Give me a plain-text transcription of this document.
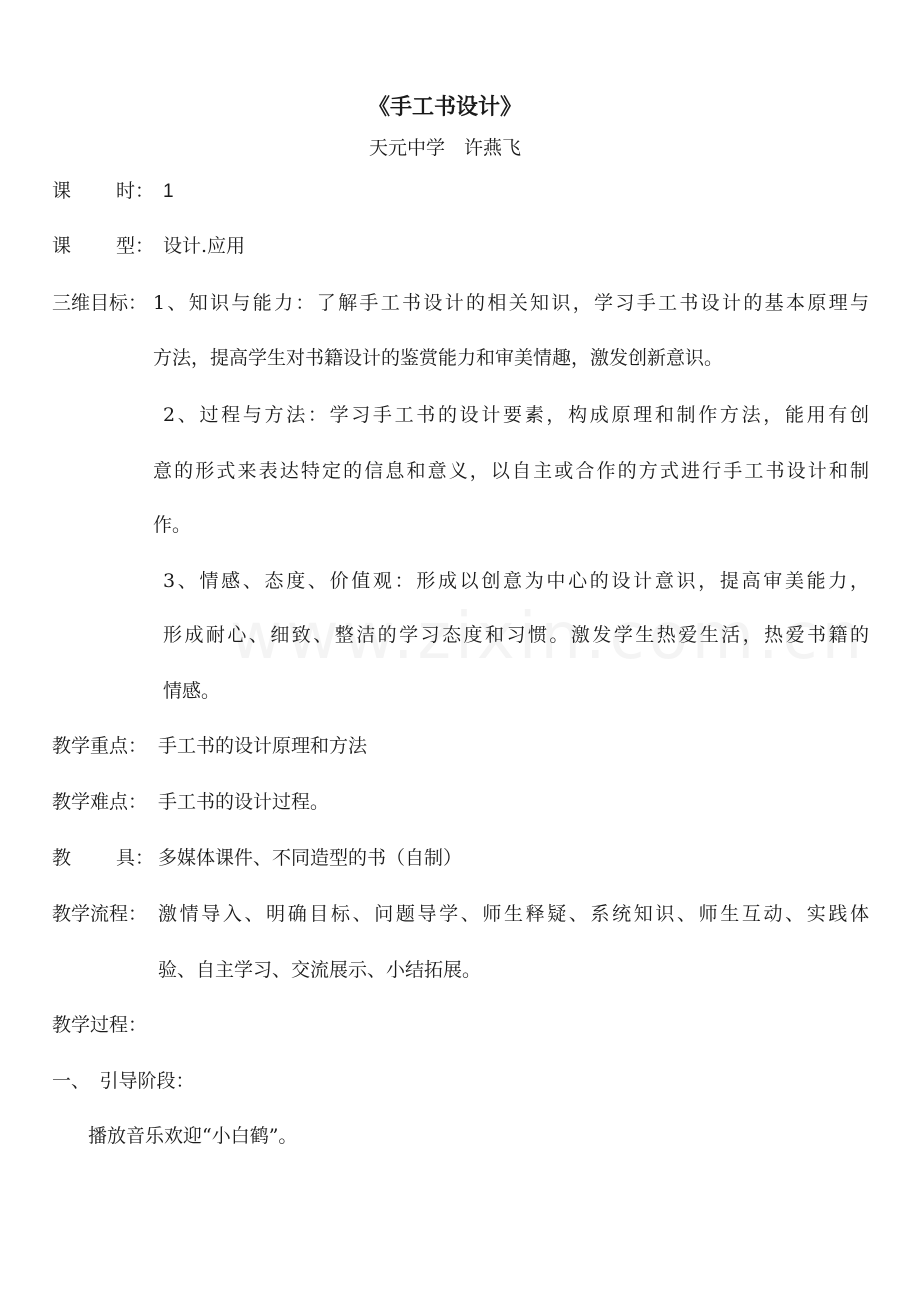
《手工书设计》
天元中学　许燕飞
课 时： 1
课 型： 设计.应用
三维目标： 1、知识与能力：了解手工书设计的相关知识，学习手工书设计的基本原理与
方法，提高学生对书籍设计的鉴赏能力和审美情趣，激发创新意识。
2、过程与方法：学习手工书的设计要素，构成原理和制作方法，能用有创
意的形式来表达特定的信息和意义，以自主或合作的方式进行手工书设计和制
作。
3、情感、态度、价值观：形成以创意为中心的设计意识，提高审美能力，
形成耐心、细致、整洁的学习态度和习惯。激发学生热爱生活，热爱书籍的
情感。
教学重点： 手工书的设计原理和方法
教学难点： 手工书的设计过程。
教 具： 多媒体课件、不同造型的书（自制）
教学流程： 激情导入、明确目标、问题导学、师生释疑、系统知识、师生互动、实践体
验、自主学习、交流展示、小结拓展。
教学过程：
一、　引导阶段：
播放音乐欢迎“小白鹤”。
